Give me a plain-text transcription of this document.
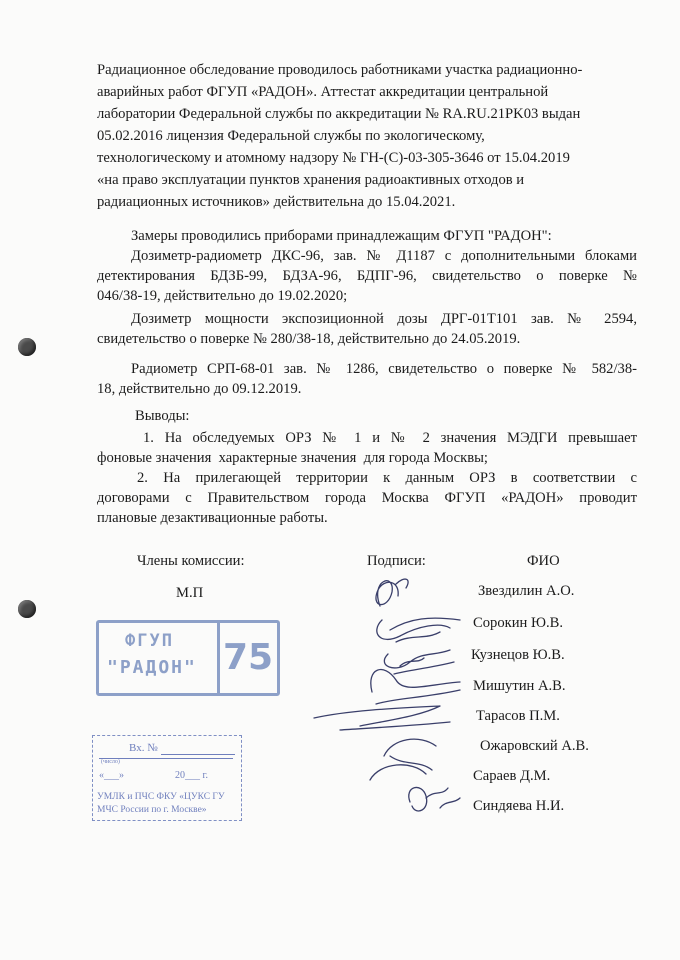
Радиационное обследование проводилось работниками участка радиационно-
аварийных работ ФГУП «РАДОН». Аттестат аккредитации центральной
лаборатории Федеральной службы по аккредитации № RA.RU.21PK03 выдан
05.02.2016 лицензия Федеральной службы по экологическому,
технологическому и атомному надзору № ГН-(С)-03-305-3646 от 15.04.2019
«на право эксплуатации пунктов хранения радиоактивных отходов и
радиационных источников» действительна до 15.04.2021.
Замеры проводились приборами принадлежащим ФГУП "РАДОН":
Дозиметр-радиометр ДКС-96, зав. № Д1187 с дополнительными блоками
детектирования БДЗБ-99, БДЗА-96, БДПГ-96, свидетельство о поверке №
046/38-19, действительно до 19.02.2020;
Дозиметр мощности экспозиционной дозы ДРГ-01Т101 зав. № 2594,
свидетельство о поверке № 280/38-18, действительно до 24.05.2019.
Радиометр СРП-68-01 зав. № 1286, свидетельство о поверке № 582/38-
18, действительно до 09.12.2019.
Выводы:
1. На обследуемых ОРЗ № 1 и № 2 значения МЭДГИ превышает
фоновые значения  характерные значения  для города Москвы;
2. На прилегающей территории к данным ОРЗ в соответствии с
договорами с Правительством города Москва ФГУП «РАДОН» проводит
плановые дезактивационные работы.
Члены комиссии:	Подписи:	ФИО
М.П	Звездилин А.О.
Сорокин Ю.В.
Кузнецов Ю.В.
Мишутин А.В.
Тарасов П.М.
Ожаровский А.В.
Сараев Д.М.
Синдяева Н.И.
ФГУП
"РАДОН" 75
Вх. №
(число)
«___»	20___ г.
УМЛК и ПЧС ФКУ «ЦУКС ГУ
МЧС России по г. Москве»
